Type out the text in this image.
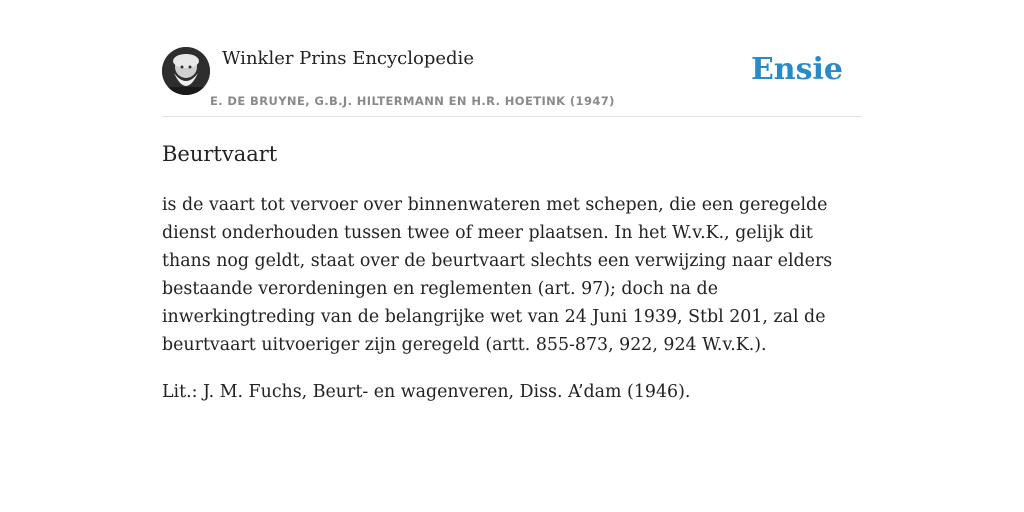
Winkler Prins Encyclopedie
E. DE BRUYNE, G.B.J. HILTERMANN EN H.R. HOETINK (1947)
Ensie
Beurtvaart

is de vaart tot vervoer over binnenwateren met schepen, die een geregelde dienst onderhouden tussen twee of meer plaatsen. In het W.v.K., gelijk dit thans nog geldt, staat over de beurtvaart slechts een verwijzing naar elders bestaande verordeningen en reglementen (art. 97); doch na de inwerkingtreding van de belangrijke wet van 24 Juni 1939, Stbl 201, zal de beurtvaart uitvoeriger zijn geregeld (artt. 855-873, 922, 924 W.v.K.).

Lit.: J. M. Fuchs, Beurt- en wagenveren, Diss. A’dam (1946).
